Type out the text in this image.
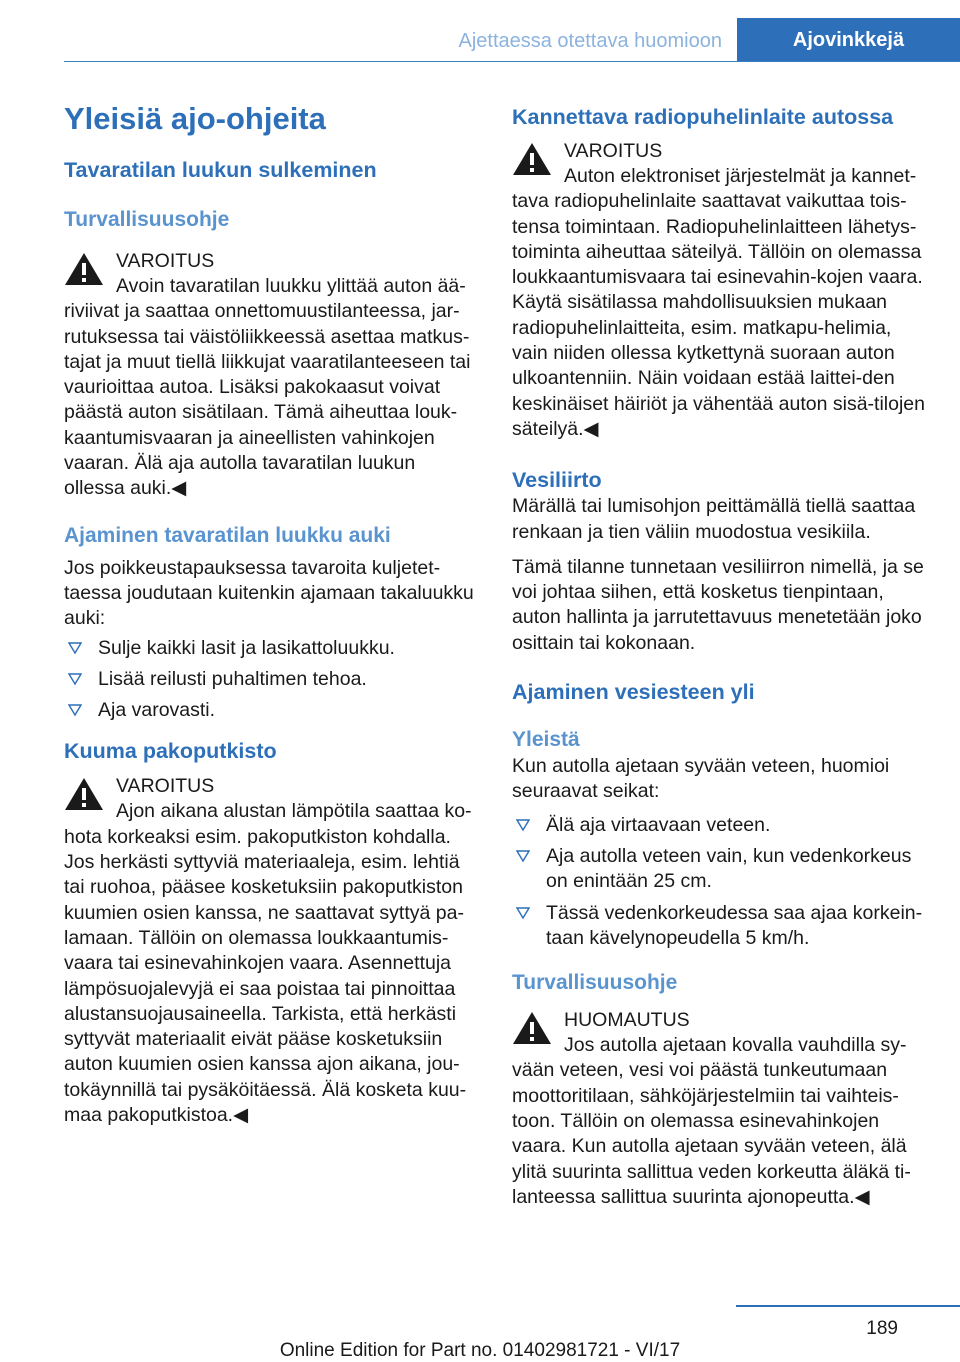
Ajettaessa otettava huomioon	Ajovinkkejä
Yleisiä ajo-ohjeita
Tavaratilan luukun sulkeminen
Turvallisuusohje
VAROITUS

Avoin tavaratilan luukku ylittää auton ää-

riviivat ja saattaa onnettomuustilanteessa, jar-rutuksessa tai väistöliikkeessä asettaa matkus-tajat ja muut tiellä liikkujat vaaratilanteeseen tai vaurioittaa autoa. Lisäksi pakokaasut voivat päästä auton sisätilaan. Tämä aiheuttaa louk-kaantumisvaaran ja aineellisten vahinkojen vaaran. Älä aja autolla tavaratilan luukun ollessa auki.◀

Ajaminen tavaratilan luukku auki

Jos poikkeustapauksessa tavaroita kuljetet-taessa joudutaan kuitenkin ajamaan takaluukku auki:

Sulje kaikki lasit ja lasikattoluukku.
Lisää reilusti puhaltimen tehoa.
Aja varovasti.
Kuuma pakoputkisto
VAROITUS

Ajon aikana alustan lämpötila saattaa ko-

hota korkeaksi esim. pakoputkiston kohdalla. Jos herkästi syttyviä materiaaleja, esim. lehtiä tai ruohoa, pääsee kosketuksiin pakoputkiston kuumien osien kanssa, ne saattavat syttyä pa-lamaan. Tällöin on olemassa loukkaantumis-vaara tai esinevahinkojen vaara. Asennettuja lämpösuojalevyjä ei saa poistaa tai pinnoittaa alustansuojausaineella. Tarkista, että herkästi syttyvät materiaalit eivät pääse kosketuksiin auton kuumien osien kanssa ajon aikana, jou-tokäynnillä tai pysäköitäessä. Älä kosketa kuu-maa pakoputkistoa.◀

Kannettava radiopuhelinlaite autossa
VAROITUS

Auton elektroniset järjestelmät ja kannet-

tava radiopuhelinlaite saattavat vaikuttaa tois-tensa toimintaan. Radiopuhelinlaitteen lähetys-toiminta aiheuttaa säteilyä. Tällöin on olemassa loukkaantumisvaara tai esinevahin-kojen vaara. Käytä sisätilassa mahdollisuuksien mukaan radiopuhelinlaitteita, esim. matkapu-helimia, vain niiden ollessa kytkettynä suoraan auton ulkoantenniin. Näin voidaan estää laittei-den keskinäiset häiriöt ja vähentää auton sisä-tilojen säteilyä.◀

Vesiliirto

Märällä tai lumisohjon peittämällä tiellä saattaa renkaan ja tien väliin muodostua vesikiila.

Tämä tilanne tunnetaan vesiliirron nimellä, ja se voi johtaa siihen, että kosketus tienpintaan, auton hallinta ja jarrutettavuus menetetään joko osittain tai kokonaan.

Ajaminen vesiesteen yli
Yleistä

Kun autolla ajetaan syvään veteen, huomioi seuraavat seikat:

Älä aja virtaavaan veteen.
Aja autolla veteen vain, kun vedenkorkeus on enintään 25 cm.
Tässä vedenkorkeudessa saa ajaa korkein-taan kävelynopeudella 5 km/h.
Turvallisuusohje
HUOMAUTUS

Jos autolla ajetaan kovalla vauhdilla sy-

vään veteen, vesi voi päästä tunkeutumaan moottoritilaan, sähköjärjestelmiin tai vaihteis-toon. Tällöin on olemassa esinevahinkojen vaara. Kun autolla ajetaan syvään veteen, älä ylitä suurinta sallittua veden korkeutta äläkä ti-lanteessa sallittua suurinta ajonopeutta.◀

189
Online Edition for Part no. 01402981721 - VI/17
